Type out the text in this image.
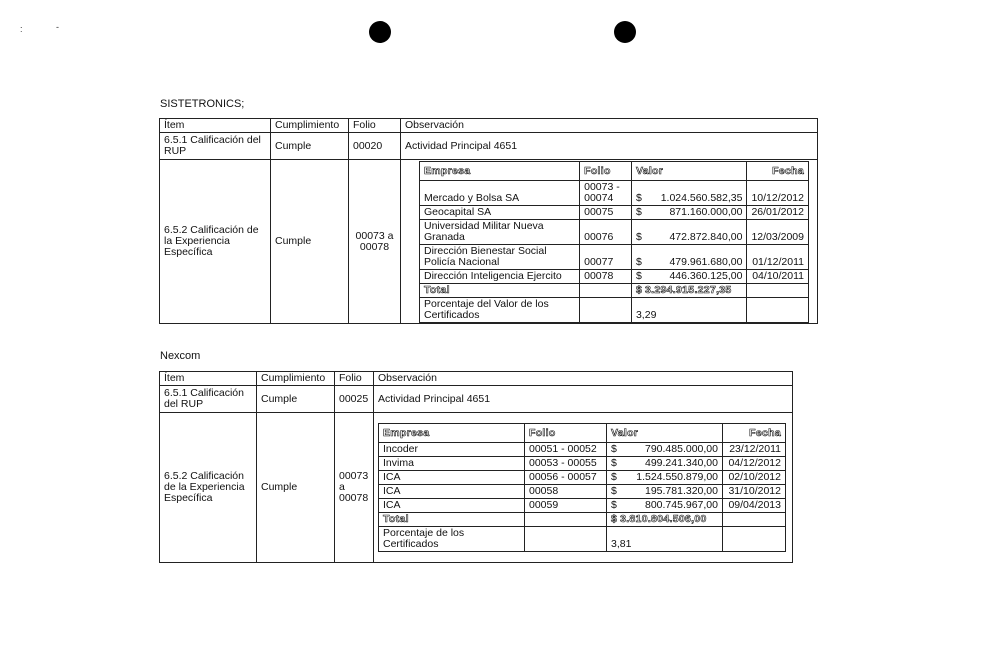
:	-
SISTETRONICS;
Ítem	Cumplimiento	Folio	Observación
6.5.1 Calificación del RUP	Cumple	00020	Actividad Principal 4651
6.5.2 Calificación de la Experiencia Específica	Cumple	00073 a 00078	
Empresa	Folio	Valor	Fecha
Mercado y Bolsa SA	00073 - 00074	$ 1.024.560.582,35	10/12/2012
Geocapital SA	00075	$	871.160.000,00	26/01/2012
Universidad Militar Nueva Granada	00076	$	472.872.840,00	12/03/2009
Dirección Bienestar Social Policía Nacional	00077	$	479.961.680,00	01/12/2011
Dirección Inteligencia Ejercito	00078	$	446.360.125,00	04/10/2011
Total		$ 3.294.915.227,35	
Porcentaje del Valor de los Certificados		3,29	
Nexcom
Ítem	Cumplimiento	Folio	Observación
6.5.1 Calificación del RUP	Cumple	00025	Actividad Principal 4651
6.5.2 Calificación de la Experiencia Específica	Cumple	00073 a 00078	
Empresa	Folio	Valor	Fecha
Incoder	00051 - 00052	$	790.485.000,00	23/12/2011
Invima	00053 - 00055	$	499.241.340,00	04/12/2012
ICA	00056 - 00057	$ 1.524.550.879,00	02/10/2012
ICA	00058	$	195.781.320,00	31/10/2012
ICA	00059	$	800.745.967,00	09/04/2013
Total		$ 3.810.804.506,00	
Porcentaje de los Certificados		3,81	
